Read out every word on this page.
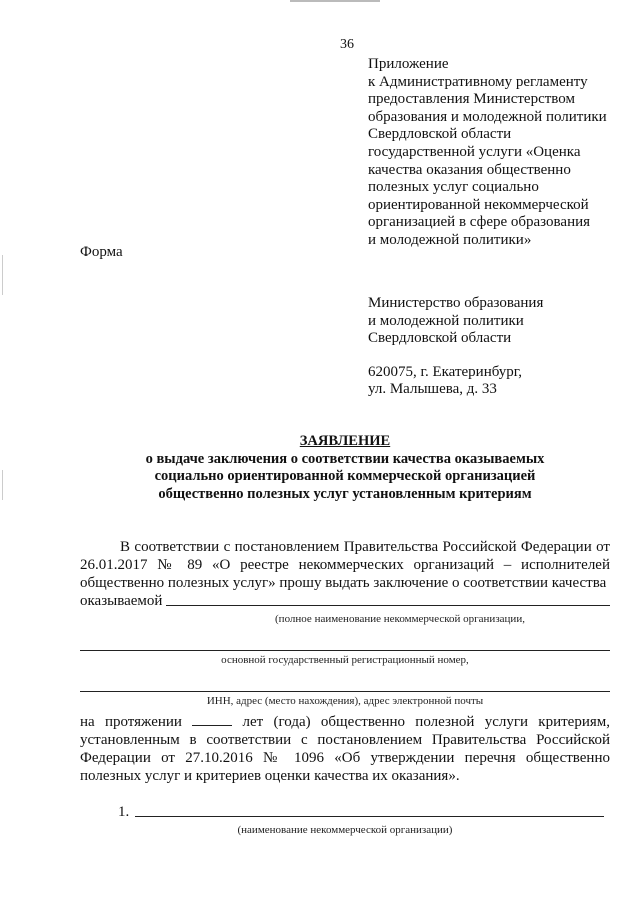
36
Приложение
к Административному регламенту
предоставления Министерством
образования и молодежной политики
Свердловской области
государственной услуги «Оценка
качества оказания общественно
полезных услуг социально
ориентированной некоммерческой
организацией в сфере образования
и молодежной политики»
Форма
Министерство образования
и молодежной политики
Свердловской области
620075, г. Екатеринбург,
ул. Малышева, д. 33
ЗАЯВЛЕНИЕ
о выдаче заключения о соответствии качества оказываемых
социально ориентированной коммерческой организацией
общественно полезных услуг установленным критериям
В соответствии с постановлением Правительства Российской Федерации от 26.01.2017 № 89 «О реестре некоммерческих организаций – исполнителей общественно полезных услуг» прошу выдать заключение о соответствии качества
оказываемой
(полное наименование некоммерческой организации,
основной государственный регистрационный номер,
ИНН, адрес (место нахождения), адрес электронной почты
на протяжении	лет (года) общественно полезной услуги критериям, установленным в соответствии с постановлением Правительства Российской Федерации от 27.10.2016 № 1096 «Об утверждении перечня общественно полезных услуг и критериев оценки качества их оказания».
1.
(наименование некоммерческой организации)
